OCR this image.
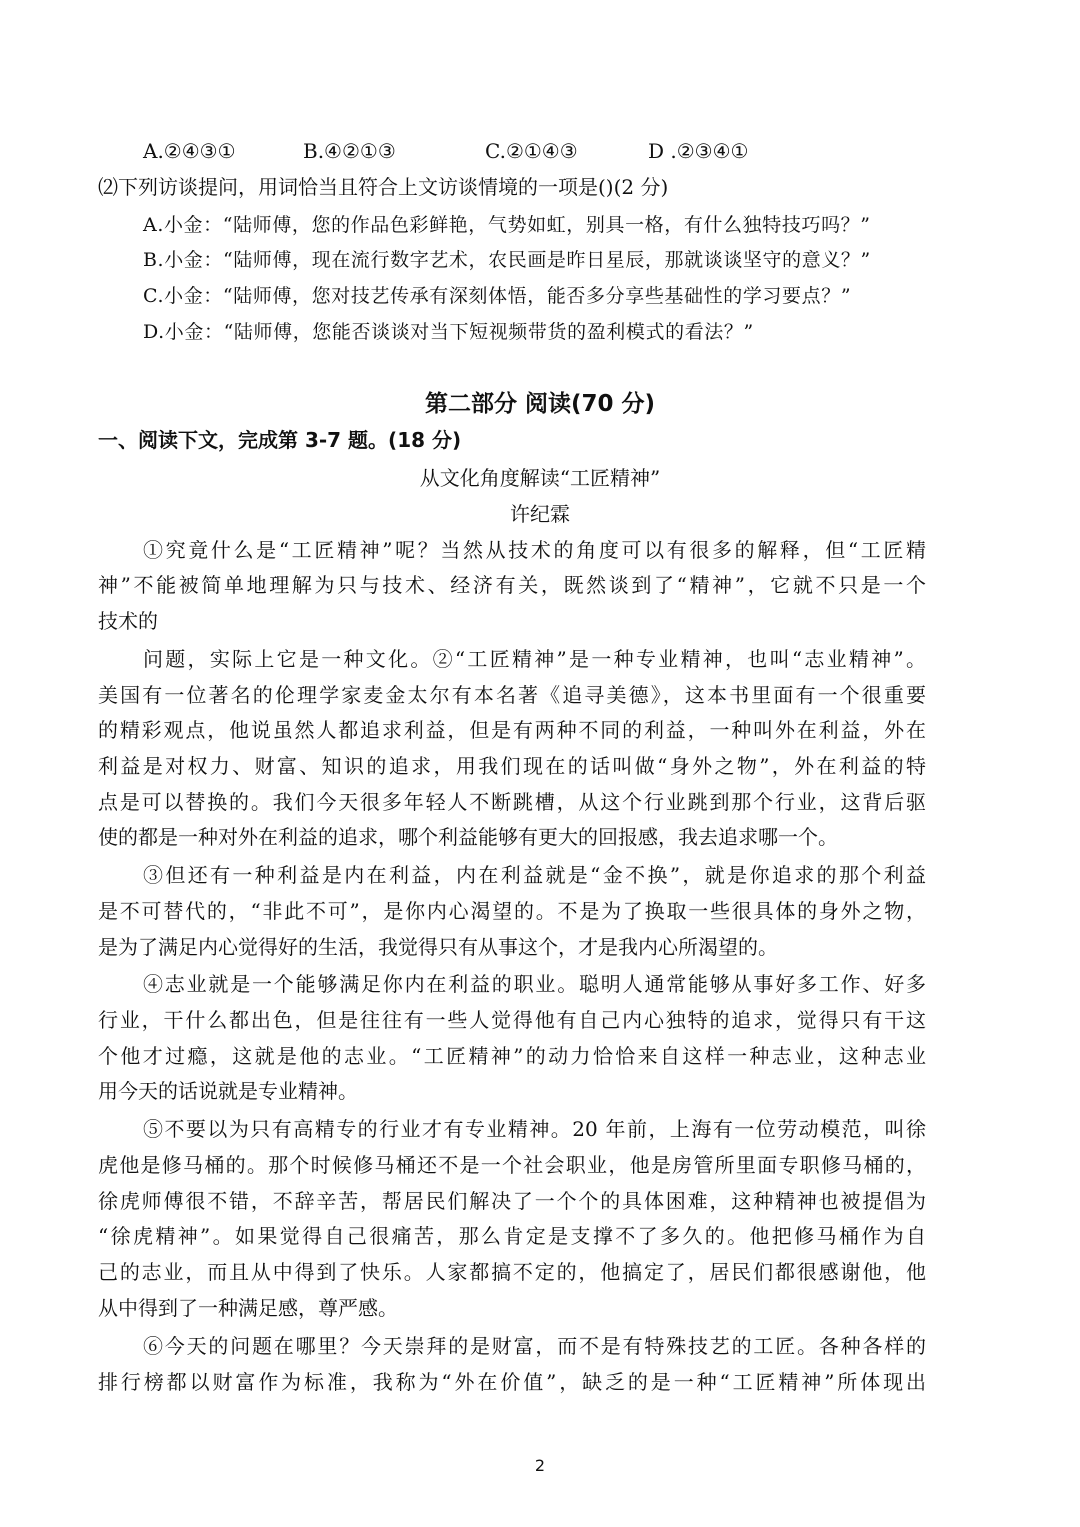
A.②④③①	B.④②①③	C.②①④③	D .②③④①
⑵下列访谈提问，用词恰当且符合上文访谈情境的一项是()(2 分)
A.小金：“陆师傅，您的作品色彩鲜艳，气势如虹，别具一格，有什么独特技巧吗？”
B.小金：“陆师傅，现在流行数字艺术，农民画是昨日星辰，那就谈谈坚守的意义？”
C.小金：“陆师傅，您对技艺传承有深刻体悟，能否多分享些基础性的学习要点？”
D.小金：“陆师傅，您能否谈谈对当下短视频带货的盈利模式的看法？”
第二部分 阅读(70 分)
一、阅读下文，完成第 3-7 题。(18 分)
从文化角度解读“工匠精神”
许纪霖
①究竟什么是“工匠精神”呢？当然从技术的角度可以有很多的解释，但“工匠精
神”不能被简单地理解为只与技术、经济有关，既然谈到了“精神”，它就不只是一个
技术的
问题，实际上它是一种文化。②“工匠精神”是一种专业精神，也叫“志业精神”。
美国有一位著名的伦理学家麦金太尔有本名著《追寻美德》，这本书里面有一个很重要
的精彩观点，他说虽然人都追求利益，但是有两种不同的利益，一种叫外在利益，外在
利益是对权力、财富、知识的追求，用我们现在的话叫做“身外之物”，外在利益的特
点是可以替换的。我们今天很多年轻人不断跳槽，从这个行业跳到那个行业，这背后驱
使的都是一种对外在利益的追求，哪个利益能够有更大的回报感，我去追求哪一个。
③但还有一种利益是内在利益，内在利益就是“金不换”，就是你追求的那个利益
是不可替代的，“非此不可”，是你内心渴望的。不是为了换取一些很具体的身外之物，
是为了满足内心觉得好的生活，我觉得只有从事这个，才是我内心所渴望的。
④志业就是一个能够满足你内在利益的职业。聪明人通常能够从事好多工作、好多
行业，干什么都出色，但是往往有一些人觉得他有自己内心独特的追求，觉得只有干这
个他才过瘾，这就是他的志业。“工匠精神”的动力恰恰来自这样一种志业，这种志业
用今天的话说就是专业精神。
⑤不要以为只有高精专的行业才有专业精神。20 年前，上海有一位劳动模范，叫徐
虎他是修马桶的。那个时候修马桶还不是一个社会职业，他是房管所里面专职修马桶的，
徐虎师傅很不错，不辞辛苦，帮居民们解决了一个个的具体困难，这种精神也被提倡为
“徐虎精神”。如果觉得自己很痛苦，那么肯定是支撑不了多久的。他把修马桶作为自
己的志业，而且从中得到了快乐。人家都搞不定的，他搞定了，居民们都很感谢他，他
从中得到了一种满足感，尊严感。
⑥今天的问题在哪里？今天崇拜的是财富，而不是有特殊技艺的工匠。各种各样的
排行榜都以财富作为标准，我称为“外在价值”，缺乏的是一种“工匠精神”所体现出
2
